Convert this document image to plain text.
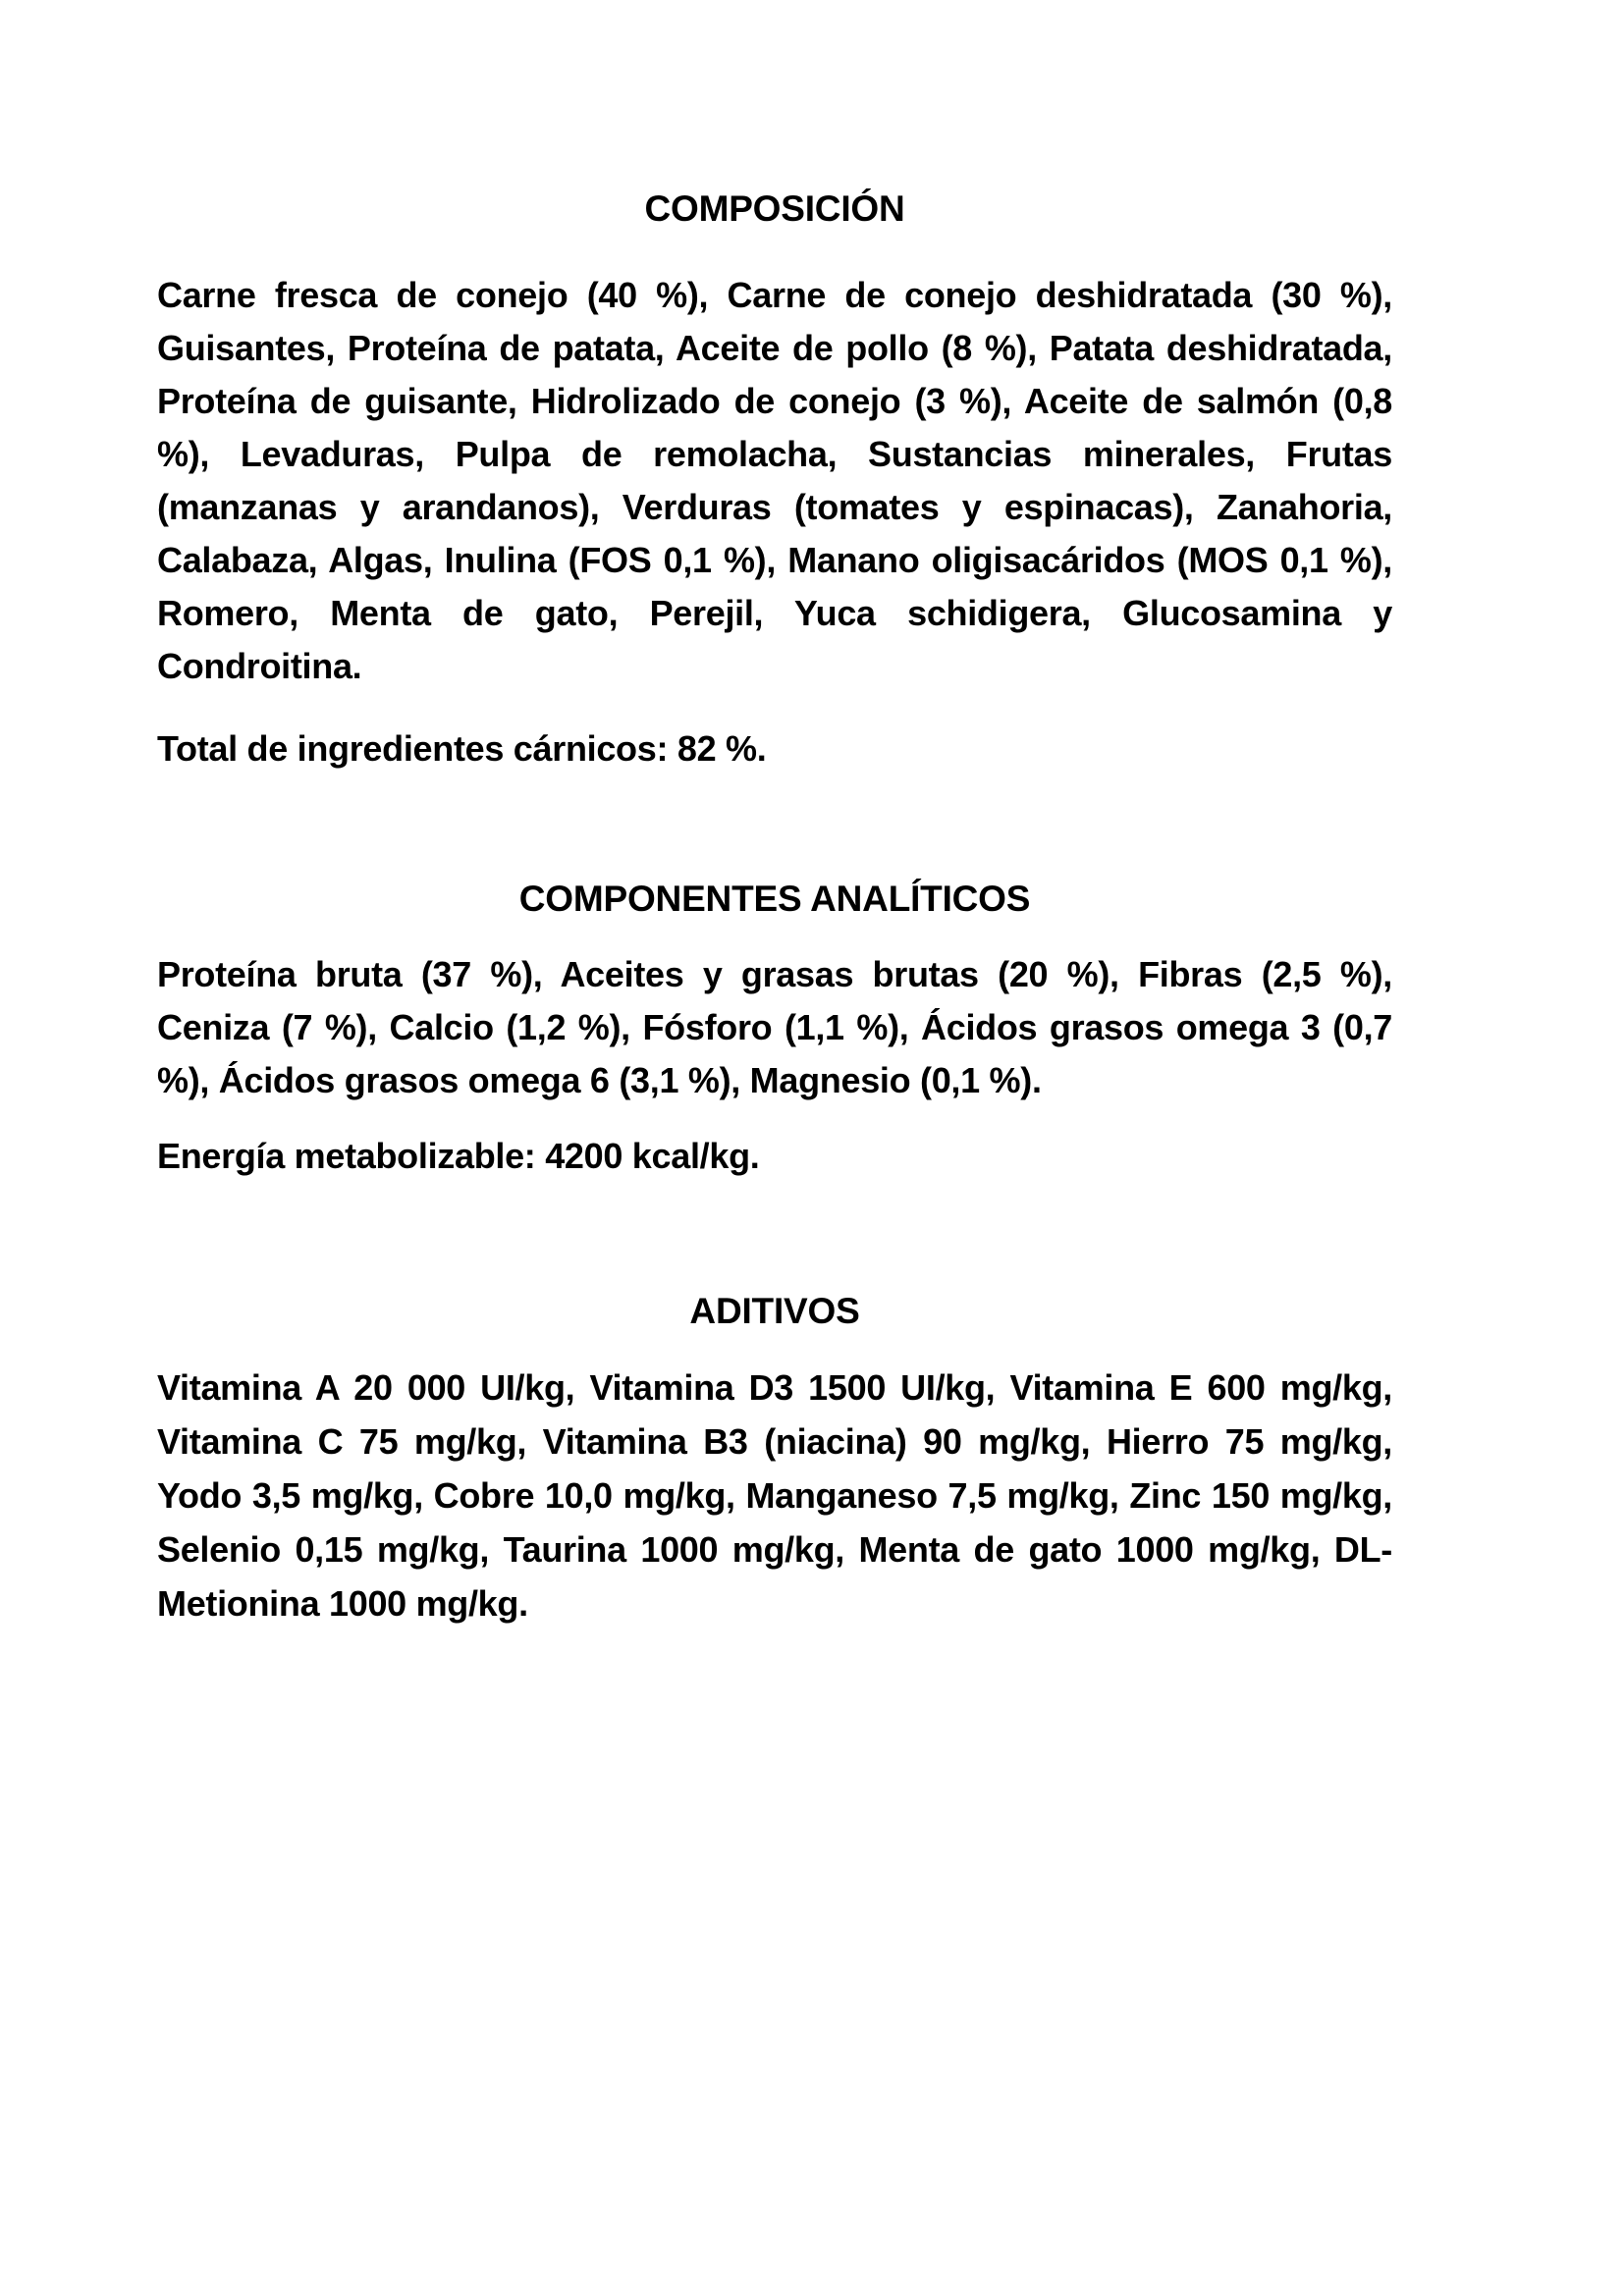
COMPOSICIÓN
Carne fresca de conejo (40 %), Carne de conejo deshidratada (30 %), Guisantes, Proteína de patata, Aceite de pollo (8 %), Patata deshidratada, Proteína de guisante, Hidrolizado de conejo (3 %), Aceite de salmón (0,8 %), Levaduras, Pulpa de remolacha, Sustancias minerales, Frutas (manzanas y arandanos), Verduras (tomates y espinacas), Zanahoria, Calabaza, Algas, Inulina (FOS 0,1 %), Manano oligisacáridos (MOS 0,1 %), Romero, Menta de gato, Perejil, Yuca schidigera, Glucosamina y Condroitina.
Total de ingredientes cárnicos: 82 %.
COMPONENTES ANALÍTICOS
Proteína bruta (37 %), Aceites y grasas brutas (20 %), Fibras (2,5 %), Ceniza (7 %), Calcio (1,2 %), Fósforo (1,1 %), Ácidos grasos omega 3 (0,7 %), Ácidos grasos omega 6 (3,1 %), Magnesio (0,1 %).
Energía metabolizable: 4200 kcal/kg.
ADITIVOS
Vitamina A 20 000 UI/kg, Vitamina D3 1500 UI/kg, Vitamina E 600 mg/kg, Vitamina C 75 mg/kg, Vitamina B3 (niacina) 90 mg/kg, Hierro 75 mg/kg, Yodo 3,5 mg/kg, Cobre 10,0 mg/kg, Manganeso 7,5 mg/kg, Zinc 150 mg/kg, Selenio 0,15 mg/kg, Taurina 1000 mg/kg, Menta de gato 1000 mg/kg, DL-Metionina 1000 mg/kg.
